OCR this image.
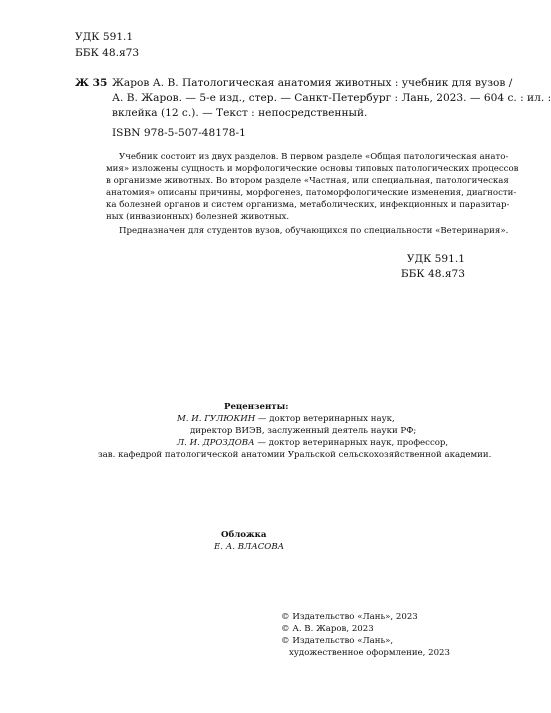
УДК 591.1
ББК 48.я73
Ж 35 Жаров А. В. Патологическая анатомия животных : учебник для вузов /
А. В. Жаров. — 5-е изд., стер. — Санкт-Петербург : Лань, 2023. — 604 с. : ил. :
вклейка (12 с.). — Текст : непосредственный.
ISBN 978-5-507-48178-1
Учебник состоит из двух разделов. В первом разделе «Общая патологическая анато-
мия» изложены сущность и морфологические основы типовых патологических процессов
в организме животных. Во втором разделе «Частная, или специальная, патологическая
анатомия» описаны причины, морфогенез, патоморфологические изменения, диагности-
ка болезней органов и систем организма, метаболических, инфекционных и паразитар-
ных (инвазионных) болезней животных.
Предназначен для студентов вузов, обучающихся по специальности «Ветеринария».
УДК 591.1
ББК 48.я73
Рецензенты:
М. И. ГУЛЮКИН — доктор ветеринарных наук,
директор ВИЭВ, заслуженный деятель науки РФ;
Л. И. ДРОЗДОВА — доктор ветеринарных наук, профессор,
зав. кафедрой патологической анатомии Уральской сельскохозяйственной академии.
Обложка
Е. А. ВЛАСОВА
© Издательство «Лань», 2023
© А. В. Жаров, 2023
© Издательство «Лань»,
художественное оформление, 2023
